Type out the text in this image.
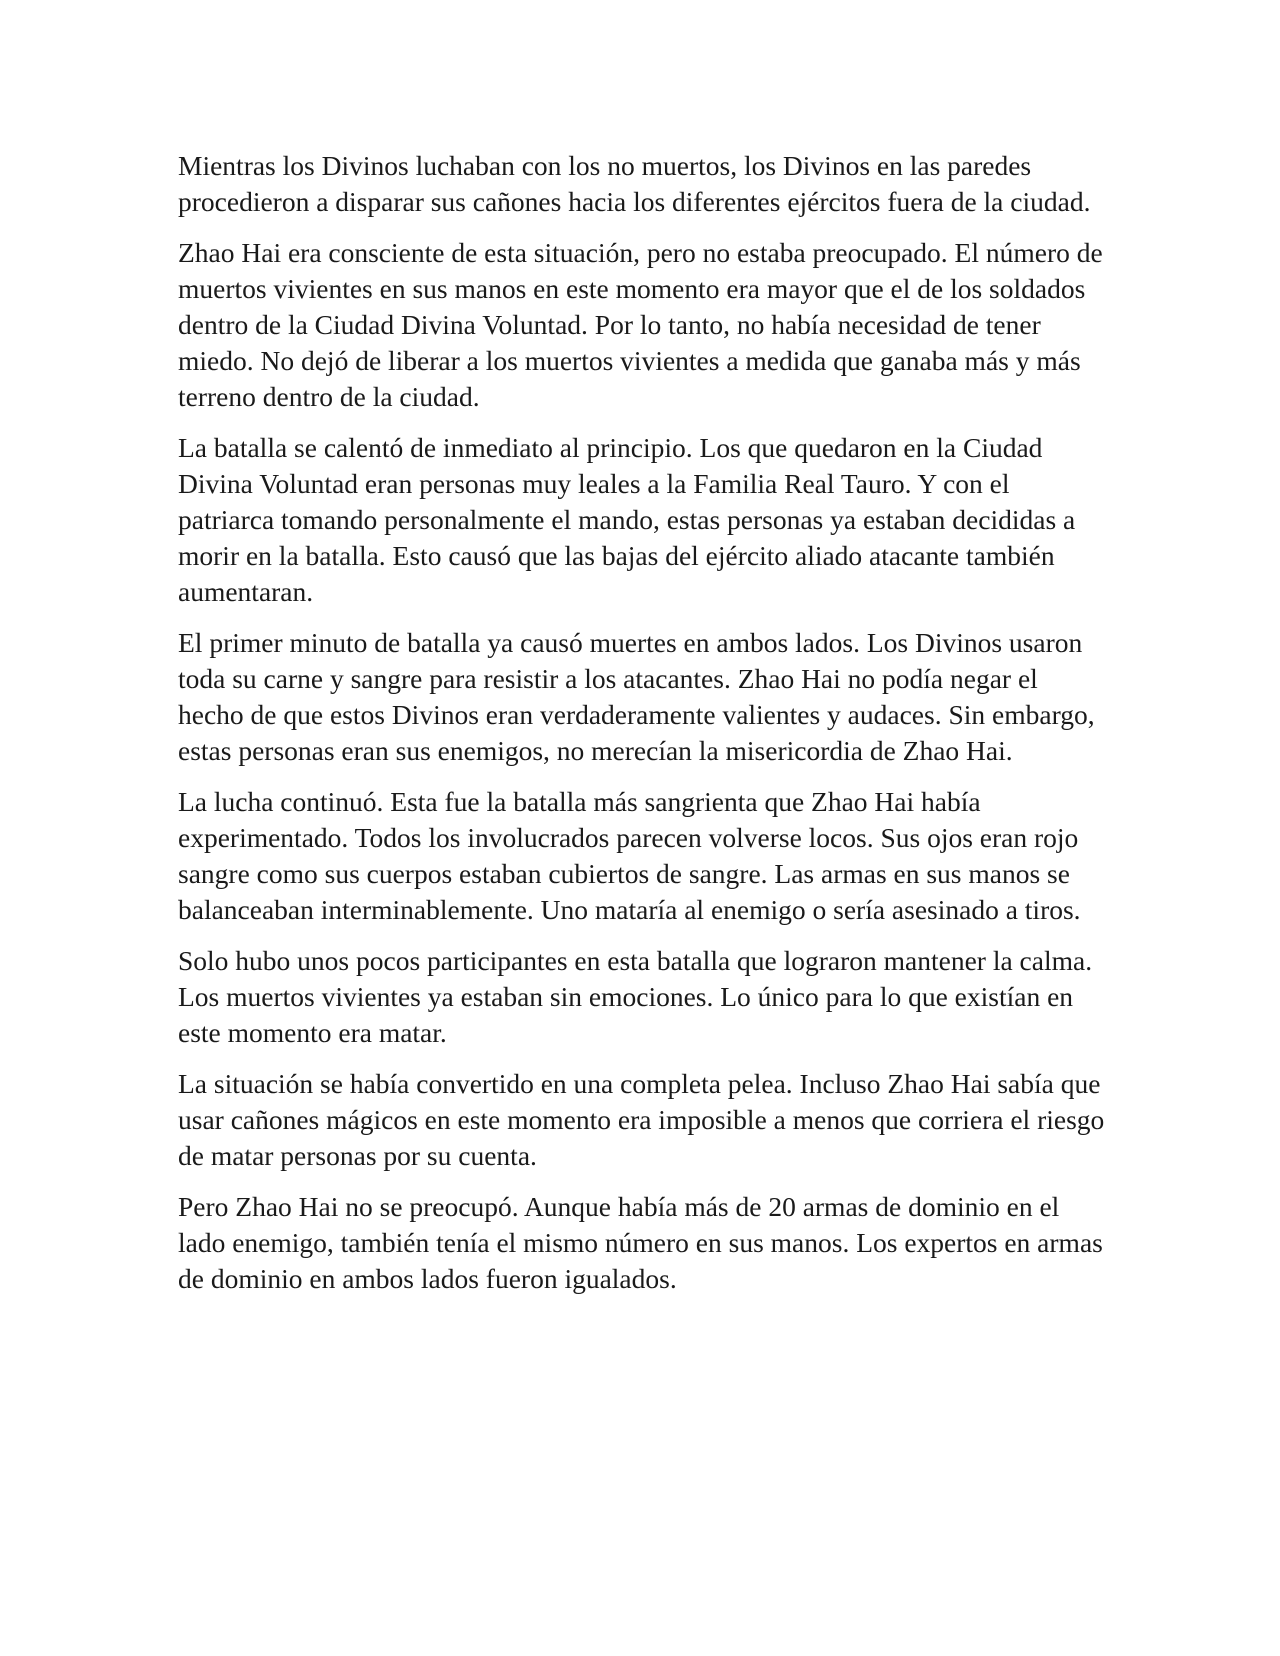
Mientras los Divinos luchaban con los no muertos, los Divinos en las paredes procedieron a disparar sus cañones hacia los diferentes ejércitos fuera de la ciudad.

Zhao Hai era consciente de esta situación, pero no estaba preocupado. El número de muertos vivientes en sus manos en este momento era mayor que el de los soldados dentro de la Ciudad Divina Voluntad. Por lo tanto, no había necesidad de tener miedo. No dejó de liberar a los muertos vivientes a medida que ganaba más y más terreno dentro de la ciudad.

La batalla se calentó de inmediato al principio. Los que quedaron en la Ciudad Divina Voluntad eran personas muy leales a la Familia Real Tauro. Y con el patriarca tomando personalmente el mando, estas personas ya estaban decididas a morir en la batalla. Esto causó que las bajas del ejército aliado atacante también aumentaran.

El primer minuto de batalla ya causó muertes en ambos lados. Los Divinos usaron toda su carne y sangre para resistir a los atacantes. Zhao Hai no podía negar el hecho de que estos Divinos eran verdaderamente valientes y audaces. Sin embargo, estas personas eran sus enemigos, no merecían la misericordia de Zhao Hai.

La lucha continuó. Esta fue la batalla más sangrienta que Zhao Hai había experimentado. Todos los involucrados parecen volverse locos. Sus ojos eran rojo sangre como sus cuerpos estaban cubiertos de sangre. Las armas en sus manos se balanceaban interminablemente. Uno mataría al enemigo o sería asesinado a tiros.

Solo hubo unos pocos participantes en esta batalla que lograron mantener la calma. Los muertos vivientes ya estaban sin emociones. Lo único para lo que existían en este momento era matar.

La situación se había convertido en una completa pelea. Incluso Zhao Hai sabía que usar cañones mágicos en este momento era imposible a menos que corriera el riesgo de matar personas por su cuenta.

Pero Zhao Hai no se preocupó. Aunque había más de 20 armas de dominio en el lado enemigo, también tenía el mismo número en sus manos. Los expertos en armas de dominio en ambos lados fueron igualados.
